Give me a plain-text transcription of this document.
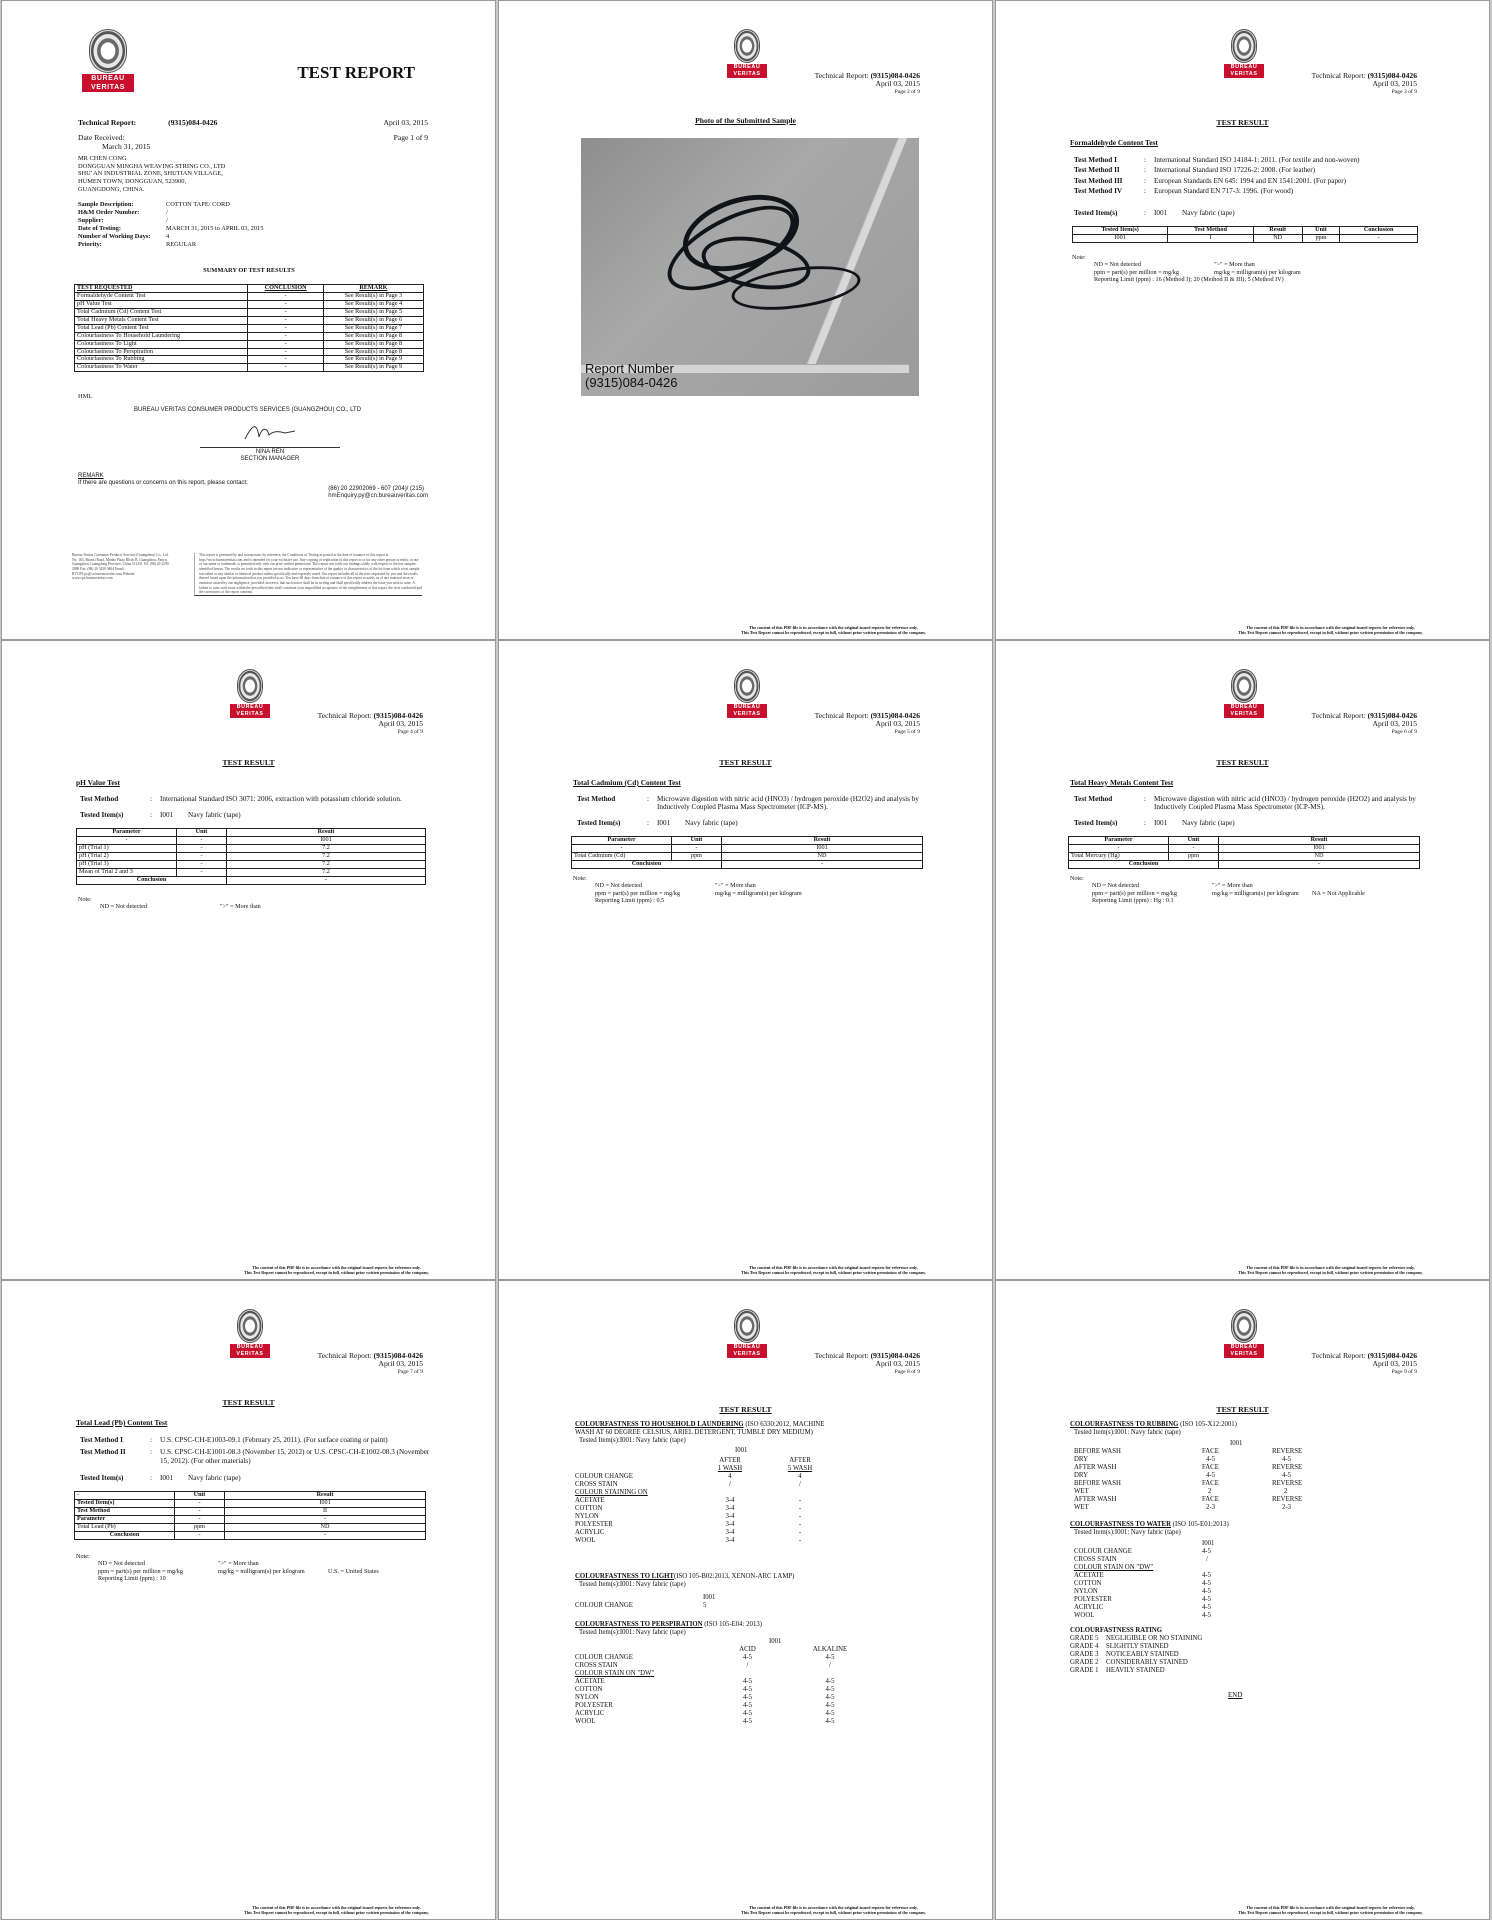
BUREAU
VERITAS
TEST REPORT
Technical Report:	(9315)084-0426	April 03, 2015
Date Received:
March 31, 2015
Page 1 of 9
MR CHEN CONG
DONGGUAN MINGHA WEAVING STRING CO., LTD
SHU' AN INDUSTRIAL ZONE, SHUTIAN VILLAGE,
HUMEN TOWN, DONGGUAN, 523900,
GUANGDONG, CHINA.
Sample Description:	COTTON TAPE/ CORD
H&M Order Number:	/
Supplier:	/
Date of Testing:	MARCH 31, 2015 to APRIL 03, 2015
Number of Working Days:	4
Priority:	REGULAR
SUMMARY OF TEST RESULTS
TEST REQUESTED	CONCLUSION	REMARK
Formaldehyde Content Test	-	See Result(s) in Page 3
pH Value Test	-	See Result(s) in Page 4
Total Cadmium (Cd) Content Test	-	See Result(s) in Page 5
Total Heavy Metals Content Test	-	See Result(s) in Page 6
Total Lead (Pb) Content Test	-	See Result(s) in Page 7
Colourfastness To Household Laundering	-	See Result(s) in Page 8
Colourfastness To Light	-	See Result(s) in Page 8
Colourfastness To Perspiration	-	See Result(s) in Page 8
Colourfastness To Rubbing	-	See Result(s) in Page 9
Colourfastness To Water	-	See Result(s) in Page 9
HML
BUREAU VERITAS CONSUMER PRODUCTS SERVICES (GUANGZHOU) CO., LTD
NINA REN
SECTION MANAGER
REMARK
If there are questions or concerns on this report, please contact:
(86) 20 22902069 - 607 (204)/ (215)
hmEnquiry.py@cn.bureauveritas.com
Bureau Veritas Consumer Products Services (Guangzhou) Co., Ltd. No. 163, Shunxi Road, Mudao Plaza Block B, Guangzhou, Panyu, Guangzhou, Guangdong Province, China 511431 Tel: (86) 20 2290 2088 Fax: (86) 20 3450 9404 Email: BVCPS.py@cn.bureauveritas.com Website: www.cps.bureauveritas.com
This report is governed by and incorporates by reference, the Conditions of Testing as posted at the date of issuance of this report at http://www.bureauveritas.com and is intended for your exclusive use. Any copying or replication of this report to or for any other person or entity, or use of our name or trademark, is permitted only with our prior written permission. This report sets forth our findings solely with respect to the test samples identified herein. The results set forth in this report are not indicative or representative of the quality or characteristics of the lot from which a test sample was taken or any similar or identical product unless specifically and expressly noted. Our report includes all of the tests requested by you and the results thereof based upon the information that you provided to us. You have 60 days from date of issuance of this report to notify us of any material error or omission caused by our negligence, provided, however, that such notice shall be in writing and shall specifically address the issue you wish to raise. A failure to raise such issue within the prescribed time shall constitute your unqualified acceptance of the completeness of this report, the tests conducted and the correctness of the report contents.
BUREAU
VERITAS	Technical Report: (9315)084-0426
April 03, 2015
Page 2 of 9
Photo of the Submitted Sample
Report Number
(9315)084-0426
The content of this PDF file is in accordance with the original issued reports for reference only.
This Test Report cannot be reproduced, except in full, without prior written permission of the company.
BUREAU
VERITAS	Technical Report: (9315)084-0426
April 03, 2015
Page 3 of 9
TEST RESULT
Formaldehyde Content Test
Test Method I	:	International Standard ISO 14184-1: 2011. (For textile and non-woven)
Test Method II	:	International Standard ISO 17226-2: 2008. (For leather)
Test Method III	:	European Standards EN 645: 1994 and EN 1541:2001. (For paper)
Test Method IV	:	European Standard EN 717-3: 1996. (For wood)
Tested Item(s)	:	I001	Navy fabric (tape)
Tested Item(s)	Test Method	Result	Unit	Conclusion
I001	I	ND	ppm	-
Note:
ND = Not detected	">" = More than
ppm = part(s) per million = mg/kg	mg/kg = milligram(s) per kilogram
Reporting Limit (ppm) : 16 (Method I); 20 (Method II & III); 5 (Method IV)
The content of this PDF file is in accordance with the original issued reports for reference only.
This Test Report cannot be reproduced, except in full, without prior written permission of the company.
BUREAU
VERITAS	Technical Report: (9315)084-0426
April 03, 2015
Page 4 of 9
TEST RESULT
pH Value Test
Test Method	:	International Standard ISO 3071: 2006, extraction with potassium chloride solution.
Tested Item(s)	:	I001	Navy fabric (tape)
Parameter	Unit	Result
-	-	I001
pH (Trial 1)	-	7.2
pH (Trial 2)	-	7.2
pH (Trial 3)	-	7.2
Mean of Trial 2 and 3	-	7.2
Conclusion		-
Note:
ND = Not detected	">" = More than
The content of this PDF file is in accordance with the original issued reports for reference only.
This Test Report cannot be reproduced, except in full, without prior written permission of the company.
BUREAU
VERITAS	Technical Report: (9315)084-0426
April 03, 2015
Page 5 of 9
TEST RESULT
Total Cadmium (Cd) Content Test
Test Method	:	Microwave digestion with nitric acid (HNO3) / hydrogen peroxide (H2O2) and analysis by Inductively Coupled Plasma Mass Spectrometer (ICP-MS).
Tested Item(s)	:	I001	Navy fabric (tape)
Parameter	Unit	Result
-	-	I001
Total Cadmium (Cd)	ppm	ND
Conclusion		-
Note:
ND = Not detected	">" = More than
ppm = part(s) per million = mg/kg	mg/kg = milligram(s) per kilogram
Reporting Limit (ppm) : 0.5
The content of this PDF file is in accordance with the original issued reports for reference only.
This Test Report cannot be reproduced, except in full, without prior written permission of the company.
BUREAU
VERITAS	Technical Report: (9315)084-0426
April 03, 2015
Page 6 of 9
TEST RESULT
Total Heavy Metals Content Test
Test Method	:	Microwave digestion with nitric acid (HNO3) / hydrogen peroxide (H2O2) and analysis by Inductively Coupled Plasma Mass Spectrometer (ICP-MS).
Tested Item(s)	:	I001	Navy fabric (tape)
Parameter	Unit	Result
-	-	I001
Total Mercury (Hg)	ppm	ND
Conclusion		-
Note:
ND = Not detected	">" = More than
ppm = part(s) per million = mg/kg	mg/kg = milligram(s) per kilogram	NA = Not Applicable
Reporting Limit (ppm) : Hg : 0.1
The content of this PDF file is in accordance with the original issued reports for reference only.
This Test Report cannot be reproduced, except in full, without prior written permission of the company.
BUREAU
VERITAS	Technical Report: (9315)084-0426
April 03, 2015
Page 7 of 9
TEST RESULT
Total Lead (Pb) Content Test
Test Method I	:	U.S. CPSC-CH-E1003-09.1 (February 25, 2011). (For surface coating or paint)
Test Method II	:	U.S. CPSC-CH-E1001-08.3 (November 15, 2012) or U.S. CPSC-CH-E1002-08.3 (November 15, 2012). (For other materials)
Tested Item(s)	:	I001	Navy fabric (tape)
-	Unit	Result
Tested Item(s)	-	I001
Test Method	-	II
Parameter	-	-
Total Lead (Pb)	ppm	ND
Conclusion	-	-
Note:
ND = Not detected	">" = More than
ppm = part(s) per million = mg/kg	mg/kg = milligram(s) per kilogram	U.S. = United States
Reporting Limit (ppm) : 10
The content of this PDF file is in accordance with the original issued reports for reference only.
This Test Report cannot be reproduced, except in full, without prior written permission of the company.
BUREAU
VERITAS	Technical Report: (9315)084-0426
April 03, 2015
Page 8 of 9
TEST RESULT
COLOURFASTNESS TO HOUSEHOLD LAUNDERING (ISO 6330:2012, MACHINE
WASH AT 60 DEGREE CELSIUS, ARIEL DETERGENT, TUMBLE DRY MEDIUM)
Tested Item(s):I001: Navy fabric (tape)
I001
AFTER
1 WASH
AFTER
5 WASH
COLOUR CHANGE	4	4
CROSS STAIN	/	/
COLOUR STAINING ON
ACETATE	3-4	-
COTTON	3-4	-
NYLON	3-4	-
POLYESTER	3-4	-
ACRYLIC	3-4	-
WOOL	3-4	-
COLOURFASTNESS TO LIGHT(ISO 105-B02:2013, XENON-ARC LAMP)
Tested Item(s):I001: Navy fabric (tape)
I001
COLOUR CHANGE	5
COLOURFASTNESS TO PERSPIRATION (ISO 105-E04: 2013)
Tested Item(s):I001: Navy fabric (tape)
I001
ACID	ALKALINE
COLOUR CHANGE	4-5	4-5
CROSS STAIN	/	/
COLOUR STAIN ON "DW"
ACETATE	4-5	4-5
COTTON	4-5	4-5
NYLON	4-5	4-5
POLYESTER	4-5	4-5
ACRYLIC	4-5	4-5
WOOL	4-5	4-5
The content of this PDF file is in accordance with the original issued reports for reference only.
This Test Report cannot be reproduced, except in full, without prior written permission of the company.
BUREAU
VERITAS	Technical Report: (9315)084-0426
April 03, 2015
Page 9 of 9
TEST RESULT
COLOURFASTNESS TO RUBBING (ISO 105-X12:2001)
Tested Item(s):I001: Navy fabric (tape)
I001
BEFORE WASH	FACE	REVERSE
DRY	4-5	4-5
AFTER WASH	FACE	REVERSE
DRY	4-5	4-5
BEFORE WASH	FACE	REVERSE
WET	2	2
AFTER WASH	FACE	REVERSE
WET	2-3	2-3
COLOURFASTNESS TO WATER (ISO 105-E01:2013)
Tested Item(s):I001: Navy fabric (tape)
I001
COLOUR CHANGE	4-5
CROSS STAIN	/
COLOUR STAIN ON "DW"
ACETATE	4-5
COTTON	4-5
NYLON	4-5
POLYESTER	4-5
ACRYLIC	4-5
WOOL	4-5
COLOURFASTNESS RATING
GRADE 5	NEGLIGIBLE OR NO STAINING
GRADE 4	SLIGHTLY STAINED
GRADE 3	NOTICEABLY STAINED
GRADE 2	CONSIDERABLY STAINED
GRADE 1	HEAVILY STAINED
END
The content of this PDF file is in accordance with the original issued reports for reference only.
This Test Report cannot be reproduced, except in full, without prior written permission of the company.
